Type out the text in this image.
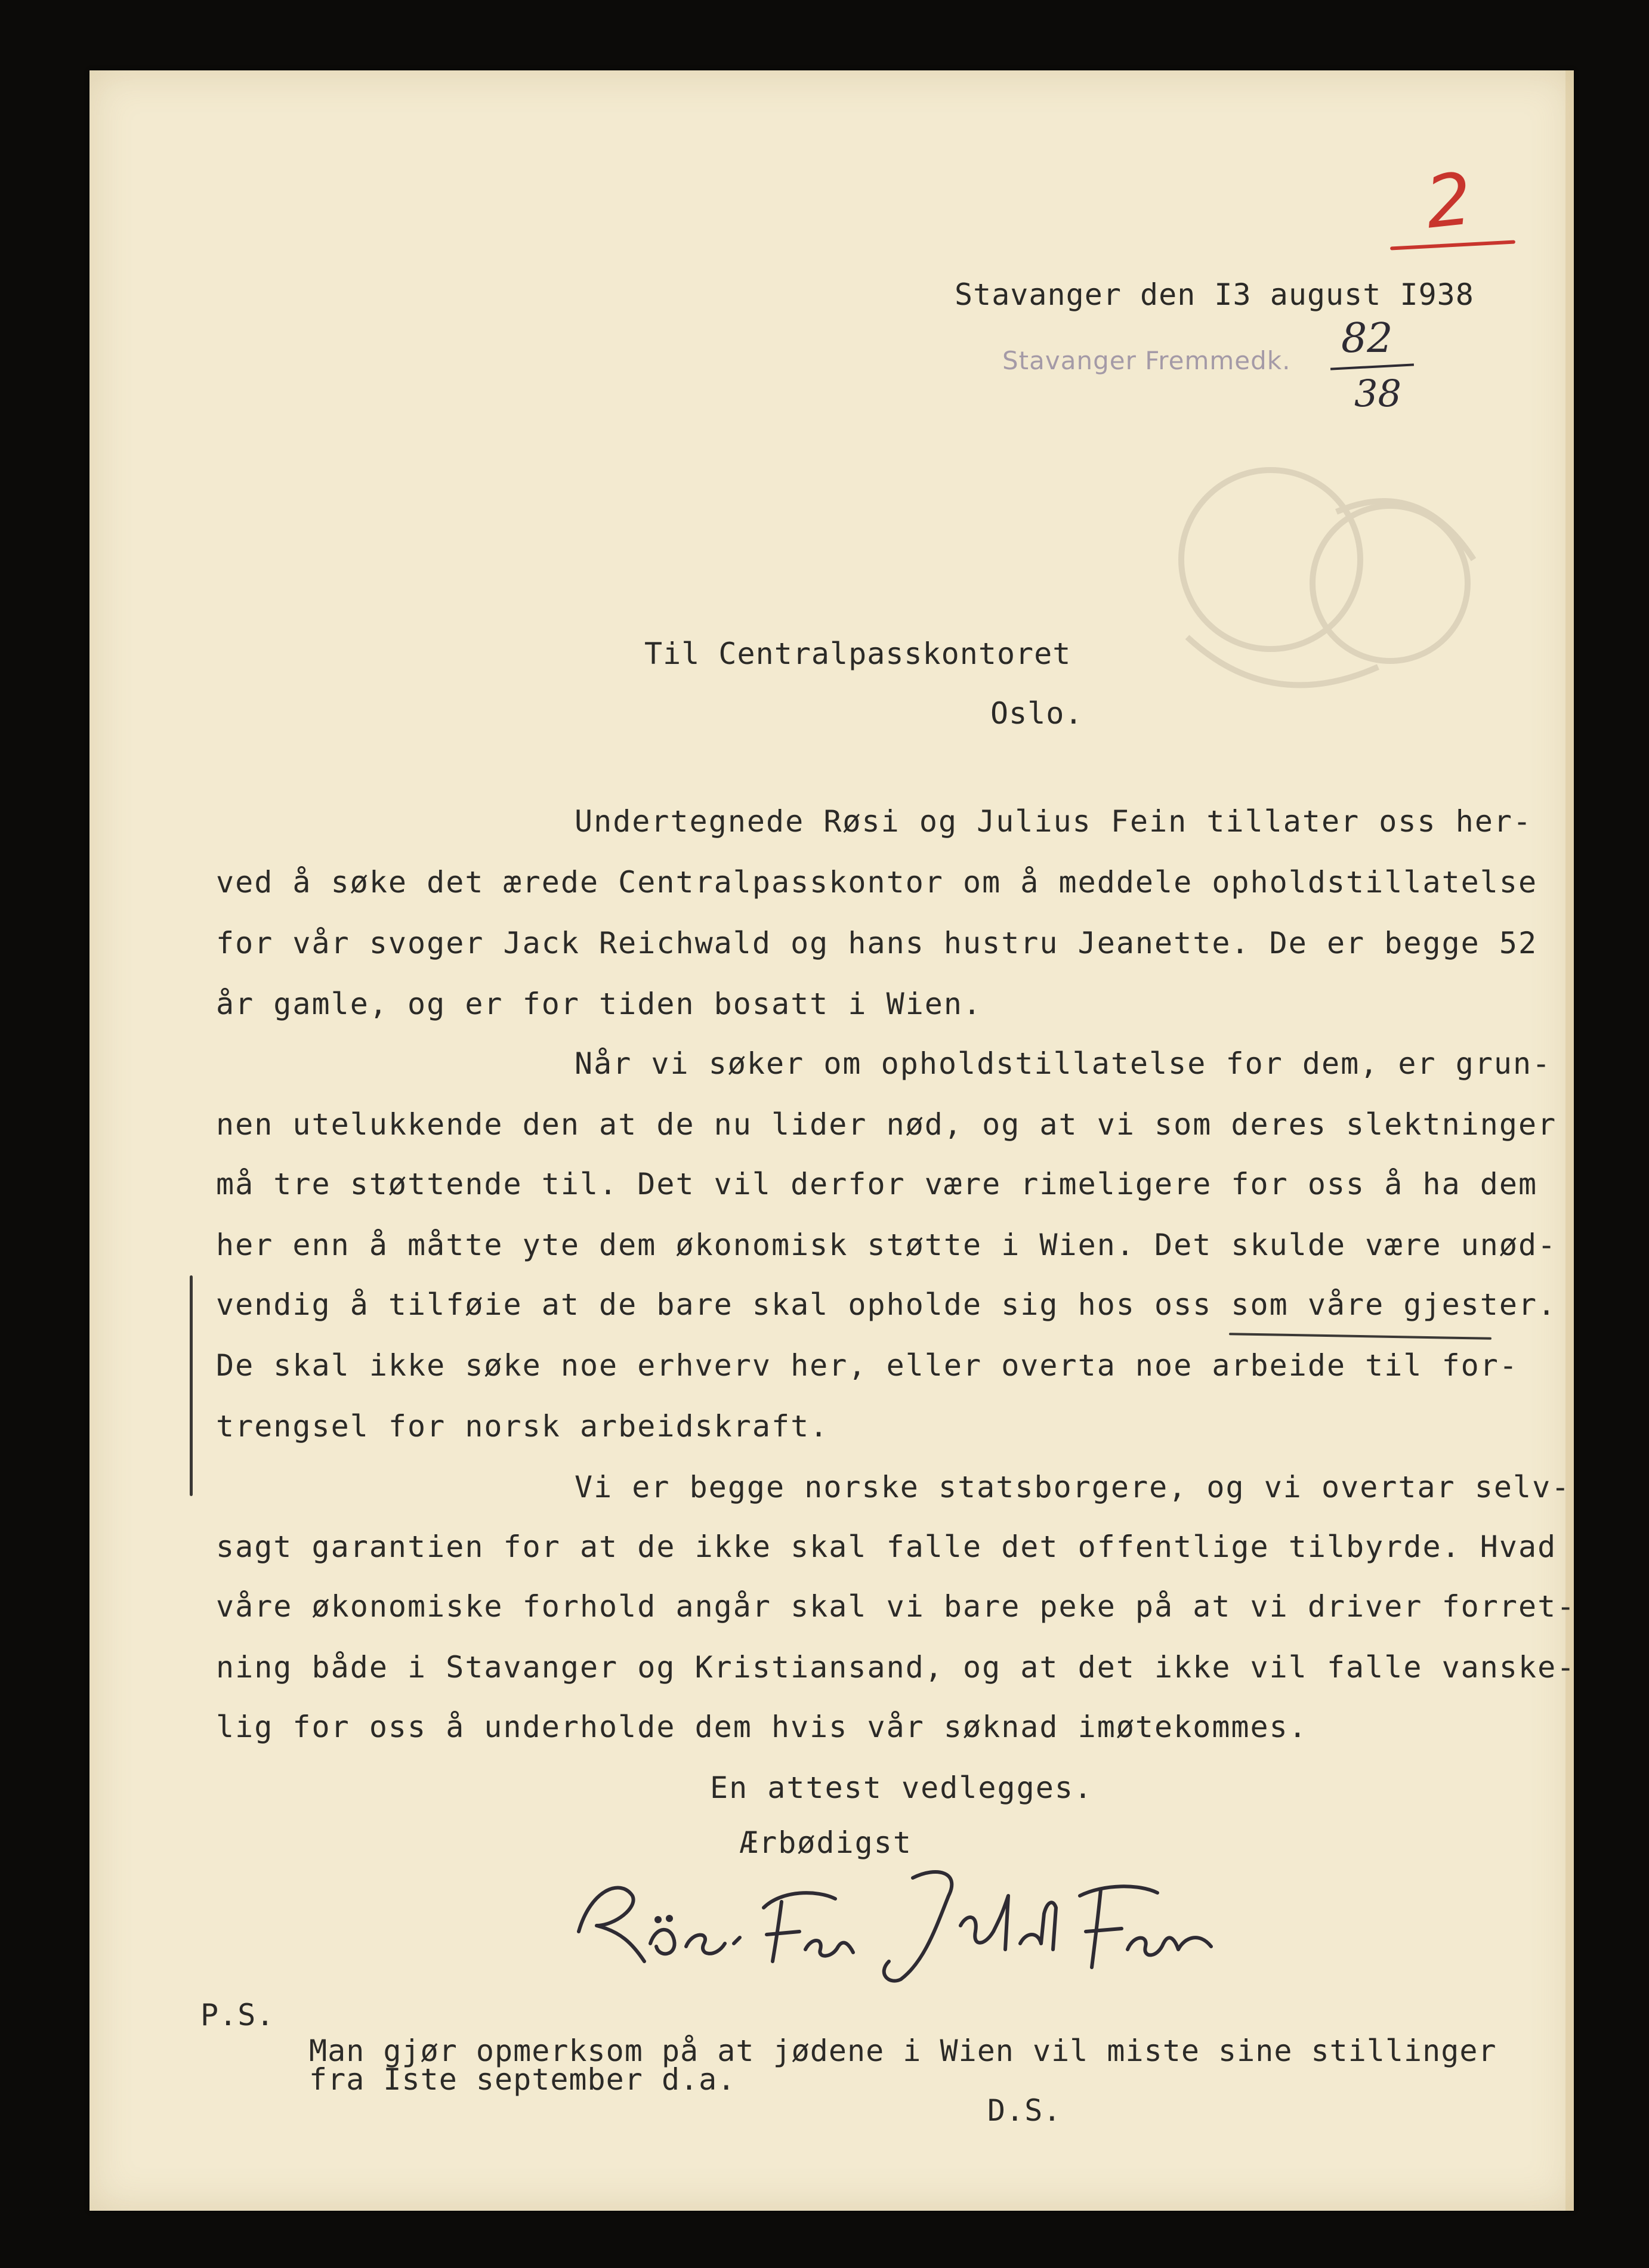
2
Stavanger den I3 august I938
Stavanger Fremmedk. 82
38
Til Centralpasskontoret
Oslo.
Undertegnede Røsi og Julius Fein tillater oss her-
ved å søke det ærede Centralpasskontor om å meddele opholdstillatelse
for vår svoger Jack Reichwald og hans hustru Jeanette. De er begge 52
år gamle, og er for tiden bosatt i Wien.
Når vi søker om opholdstillatelse for dem, er grun-
nen utelukkende den at de nu lider nød, og at vi som deres slektninger
må tre støttende til. Det vil derfor være rimeligere for oss å ha dem
her enn å måtte yte dem økonomisk støtte i Wien. Det skulde være unød-
vendig å tilføie at de bare skal opholde sig hos oss som våre gjester.
De skal ikke søke noe erhverv her, eller overta noe arbeide til for-
trengsel for norsk arbeidskraft.
Vi er begge norske statsborgere, og vi overtar selv-
sagt garantien for at de ikke skal falle det offentlige tilbyrde. Hvad
våre økonomiske forhold angår skal vi bare peke på at vi driver forret-
ning både i Stavanger og Kristiansand, og at det ikke vil falle vanske-
lig for oss å underholde dem hvis vår søknad imøtekommes.
En attest vedlegges.
Ærbødigst
P.S.
Man gjør opmerksom på at jødene i Wien vil miste sine stillinger
fra Iste september d.a.
D.S.
